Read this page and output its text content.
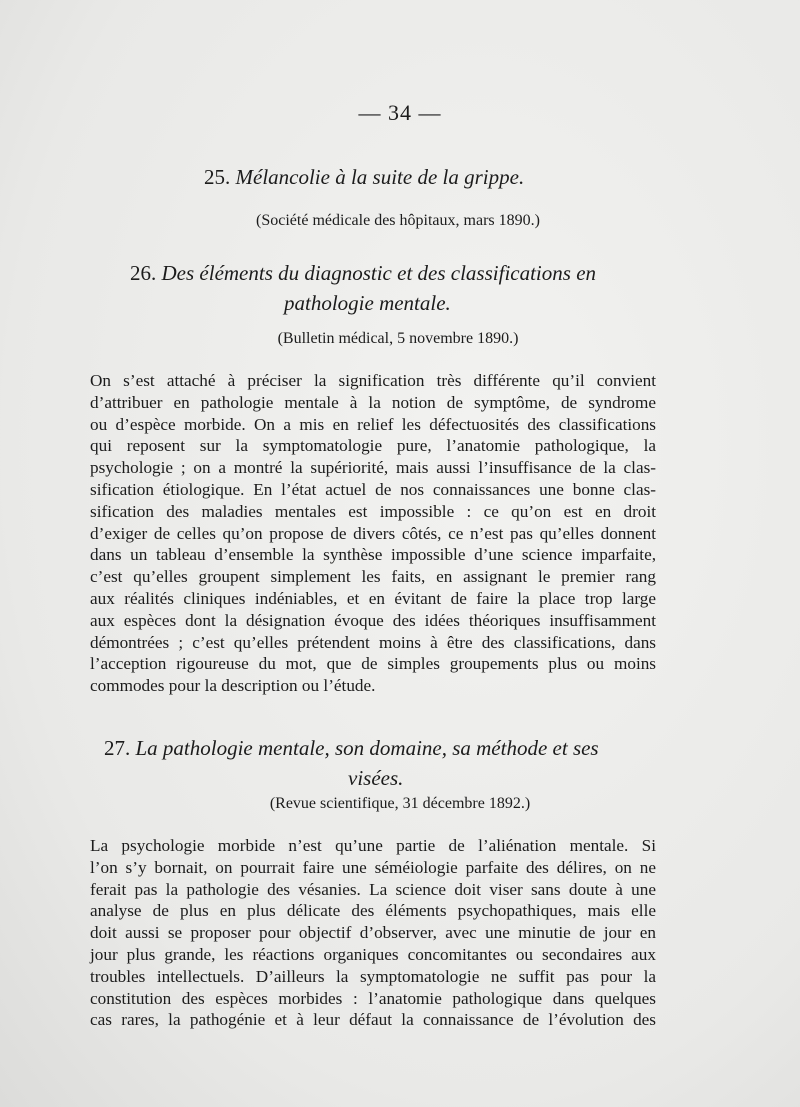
— 34 —
25. Mélancolie à la suite de la grippe.
(Société médicale des hôpitaux, mars 1890.)
26. Des éléments du diagnostic et des classifications en
pathologie mentale.
(Bulletin médical, 5 novembre 1890.)
On s’est attaché à préciser la signification très différente qu’il convient
d’attribuer en pathologie mentale à la notion de symptôme, de syndrome
ou d’espèce morbide. On a mis en relief les défectuosités des classifications
qui reposent sur la symptomatologie pure, l’anatomie pathologique, la
psychologie ; on a montré la supériorité, mais aussi l’insuffisance de la clas-
sification étiologique. En l’état actuel de nos connaissances une bonne clas-
sification des maladies mentales est impossible : ce qu’on est en droit
d’exiger de celles qu’on propose de divers côtés, ce n’est pas qu’elles donnent
dans un tableau d’ensemble la synthèse impossible d’une science imparfaite,
c’est qu’elles groupent simplement les faits, en assignant le premier rang
aux réalités cliniques indéniables, et en évitant de faire la place trop large
aux espèces dont la désignation évoque des idées théoriques insuffisamment
démontrées ; c’est qu’elles prétendent moins à être des classifications, dans
l’acception rigoureuse du mot, que de simples groupements plus ou moins
commodes pour la description ou l’étude.
27. La pathologie mentale, son domaine, sa méthode et ses
visées.
(Revue scientifique, 31 décembre 1892.)
La psychologie morbide n’est qu’une partie de l’aliénation mentale. Si
l’on s’y bornait, on pourrait faire une séméiologie parfaite des délires, on ne
ferait pas la pathologie des vésanies. La science doit viser sans doute à une
analyse de plus en plus délicate des éléments psychopathiques, mais elle
doit aussi se proposer pour objectif d’observer, avec une minutie de jour en
jour plus grande, les réactions organiques concomitantes ou secondaires aux
troubles intellectuels. D’ailleurs la symptomatologie ne suffit pas pour la
constitution des espèces morbides : l’anatomie pathologique dans quelques
cas rares, la pathogénie et à leur défaut la connaissance de l’évolution des
